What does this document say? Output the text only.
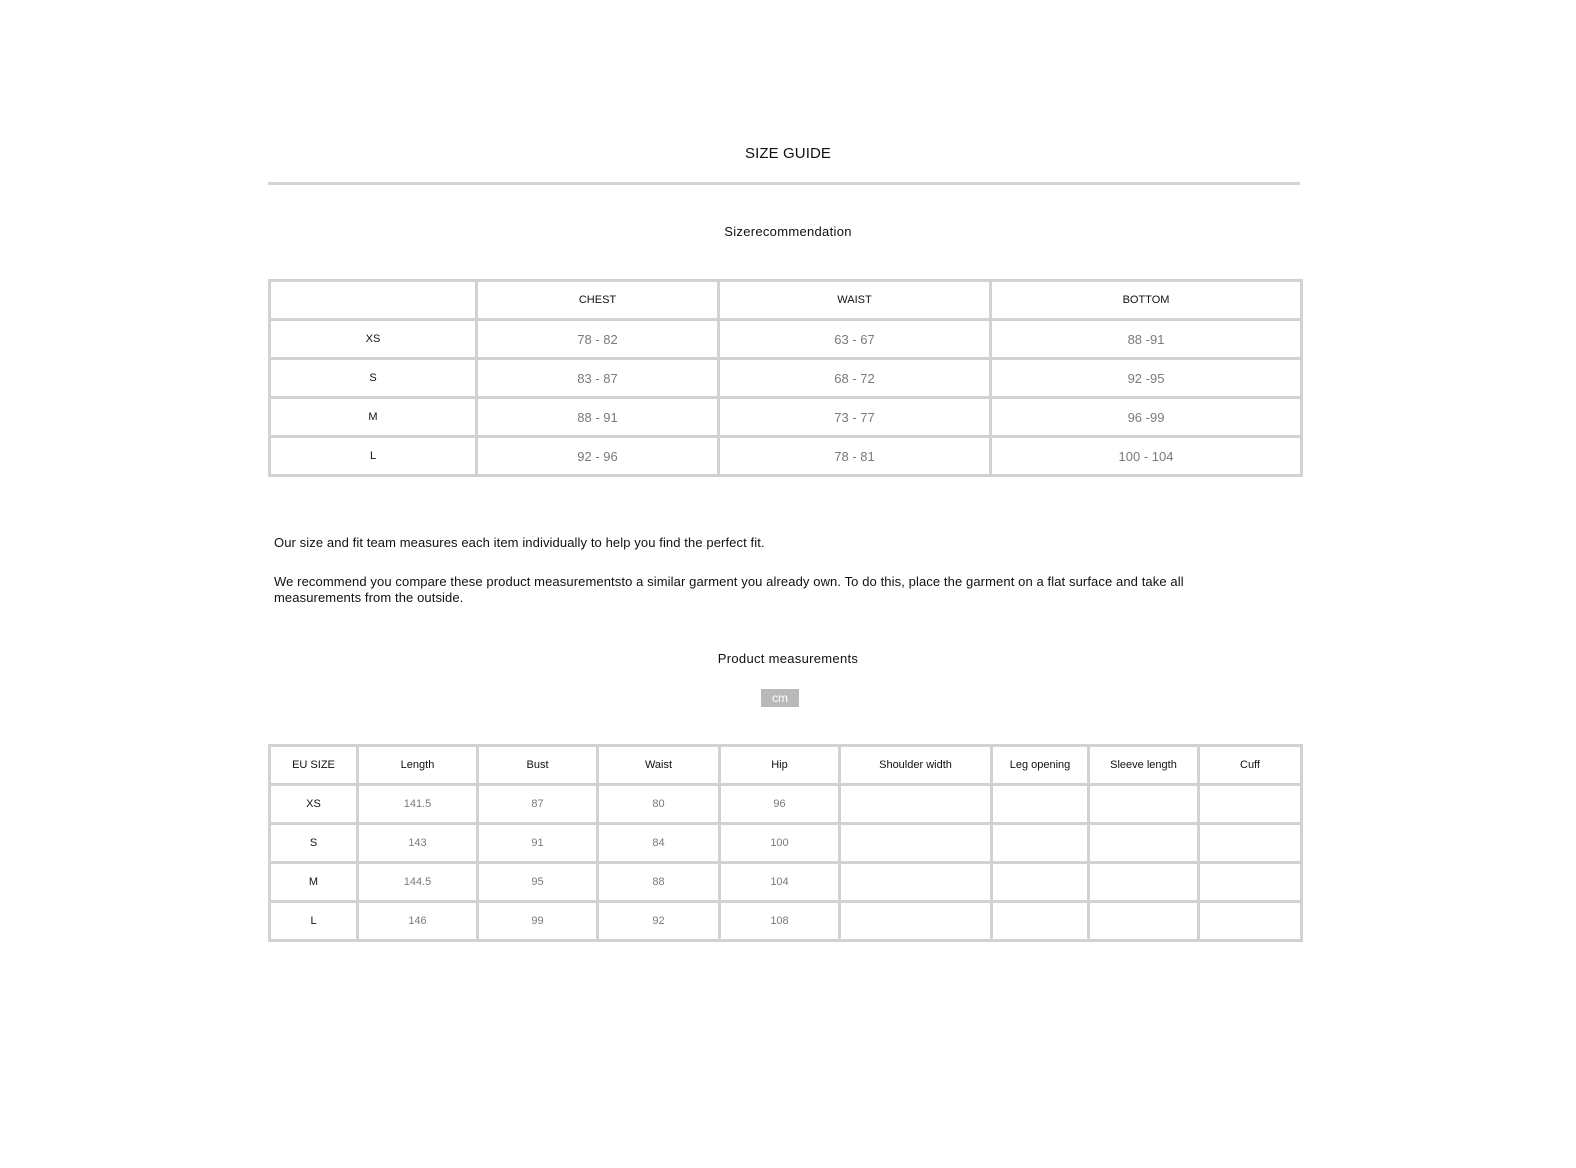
SIZE GUIDE
Sizerecommendation
	CHEST	WAIST	BOTTOM
XS	78 - 82	63 - 67	88 -91
S	83 - 87	68 - 72	92 -95
M	88 - 91	73 - 77	96 -99
L	92 - 96	78 - 81	100 - 104
Our size and fit team measures each item individually to help you find the perfect fit.
We recommend you compare these product measurementsto a similar garment you already own. To do this, place the garment on a flat surface and take all measurements from the outside.
Product measurements
cm
EU SIZE	Length	Bust	Waist	Hip	Shoulder width	Leg opening	Sleeve length	Cuff
XS	141.5	87	80	96				
S	143	91	84	100				
M	144.5	95	88	104				
L	146	99	92	108				
